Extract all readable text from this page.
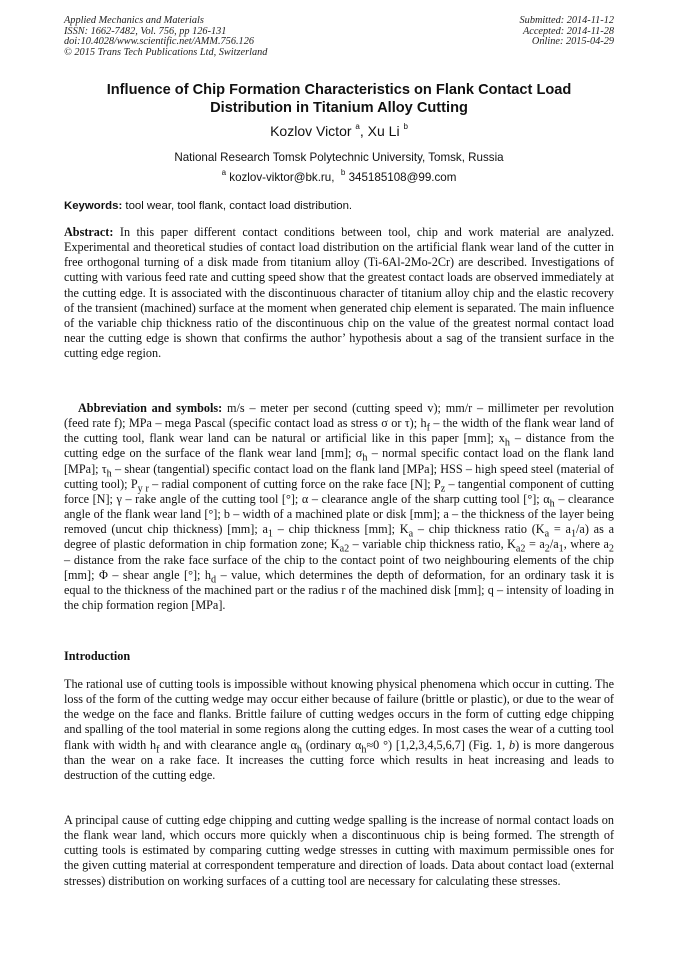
Applied Mechanics and Materials
ISSN: 1662-7482, Vol. 756, pp 126-131
doi:10.4028/www.scientific.net/AMM.756.126
© 2015 Trans Tech Publications Ltd, Switzerland
Submitted: 2014-11-12
Accepted: 2014-11-28
Online: 2015-04-29
Influence of Chip Formation Characteristics on Flank Contact Load
Distribution in Titanium Alloy Cutting
Kozlov Victor $^a$, Xu Li $^b$
National Research Tomsk Polytechnic University, Tomsk, Russia
$^a$ kozlov-viktor@bk.ru, $^b$ 345185108@99.com
Keywords: tool wear, tool flank, contact load distribution.
Abstract: In this paper different contact conditions between tool, chip and work material are analyzed. Experimental and theoretical studies of contact load distribution on the artificial flank wear land of the cutter in free orthogonal turning of a disk made from titanium alloy (Ti-6Al-2Mo-2Cr) are described. Investigations of cutting with various feed rate and cutting speed show that the greatest contact loads are observed immediately at the cutting edge. It is associated with the discontinuous character of titanium alloy chip and the elastic recovery of the transient (machined) surface at the moment when generated chip element is separated. The main influence of the variable chip thickness ratio of the discontinuous chip on the value of the greatest normal contact load near the cutting edge is shown that confirms the author’ hypothesis about a sag of the transient surface in the cutting edge region.
Abbreviation and symbols: m/s – meter per second (cutting speed v); mm/r – millimeter per revolution (feed rate f); MPa – mega Pascal (specific contact load as stress σ or τ); $h_f$ – the width of the flank wear land of the cutting tool, flank wear land can be natural or artificial like in this paper [mm]; $x_h$ – distance from the cutting edge on the surface of the flank wear land [mm]; $\sigma_h$ – normal specific contact load on the flank land [MPa]; $\tau_h$ – shear (tangential) specific contact load on the flank land [MPa]; HSS – high speed steel (material of cutting tool); $P_{y r}$ – radial component of cutting force on the rake face [N]; $P_z$ – tangential component of cutting force [N]; γ – rake angle of the cutting tool [°]; α – clearance angle of the sharp cutting tool [°]; $\alpha_h$ – clearance angle of the flank wear land [°]; b – width of a machined plate or disk [mm]; a – the thickness of the layer being removed (uncut chip thickness) [mm]; $a_1$ – chip thickness [mm]; $K_a$ – chip thickness ratio $(K_a = a_1/a)$ as a degree of plastic deformation in chip formation zone; $K_{a2}$ – variable chip thickness ratio, $K_{a2} = a_2/a_1$, where $a_2$ – distance from the rake face surface of the chip to the contact point of two neighbouring elements of the chip [mm]; Φ – shear angle [°]; $h_d$ – value, which determines the depth of deformation, for an ordinary task it is equal to the thickness of the machined part or the radius r of the machined disk [mm]; q – intensity of loading in the chip formation region [MPa].
Introduction
The rational use of cutting tools is impossible without knowing physical phenomena which occur in cutting. The loss of the form of the cutting wedge may occur either because of failure (brittle or plastic), or due to the wear of the wedge on the face and flanks. Brittle failure of cutting wedges occurs in the form of cutting edge chipping and spalling of the tool material in some regions along the cutting edges. In most cases the wear of a cutting tool flank with width $h_f$ and with clearance angle $\alpha_h$ (ordinary $\alpha_h\approx 0$ °) [1,2,3,4,5,6,7] (Fig. 1, b) is more dangerous than the wear on a rake face. It increases the cutting force which results in heat increasing and leads to destruction of the cutting edge.
A principal cause of cutting edge chipping and cutting wedge spalling is the increase of normal contact loads on the flank wear land, which occurs more quickly when a discontinuous chip is being formed. The strength of cutting tools is estimated by comparing cutting wedge stresses in cutting with maximum permissible ones for the given cutting material at correspondent temperature and direction of loads. Data about contact load (external stresses) distribution on working surfaces of a cutting tool are necessary for calculating these stresses.
